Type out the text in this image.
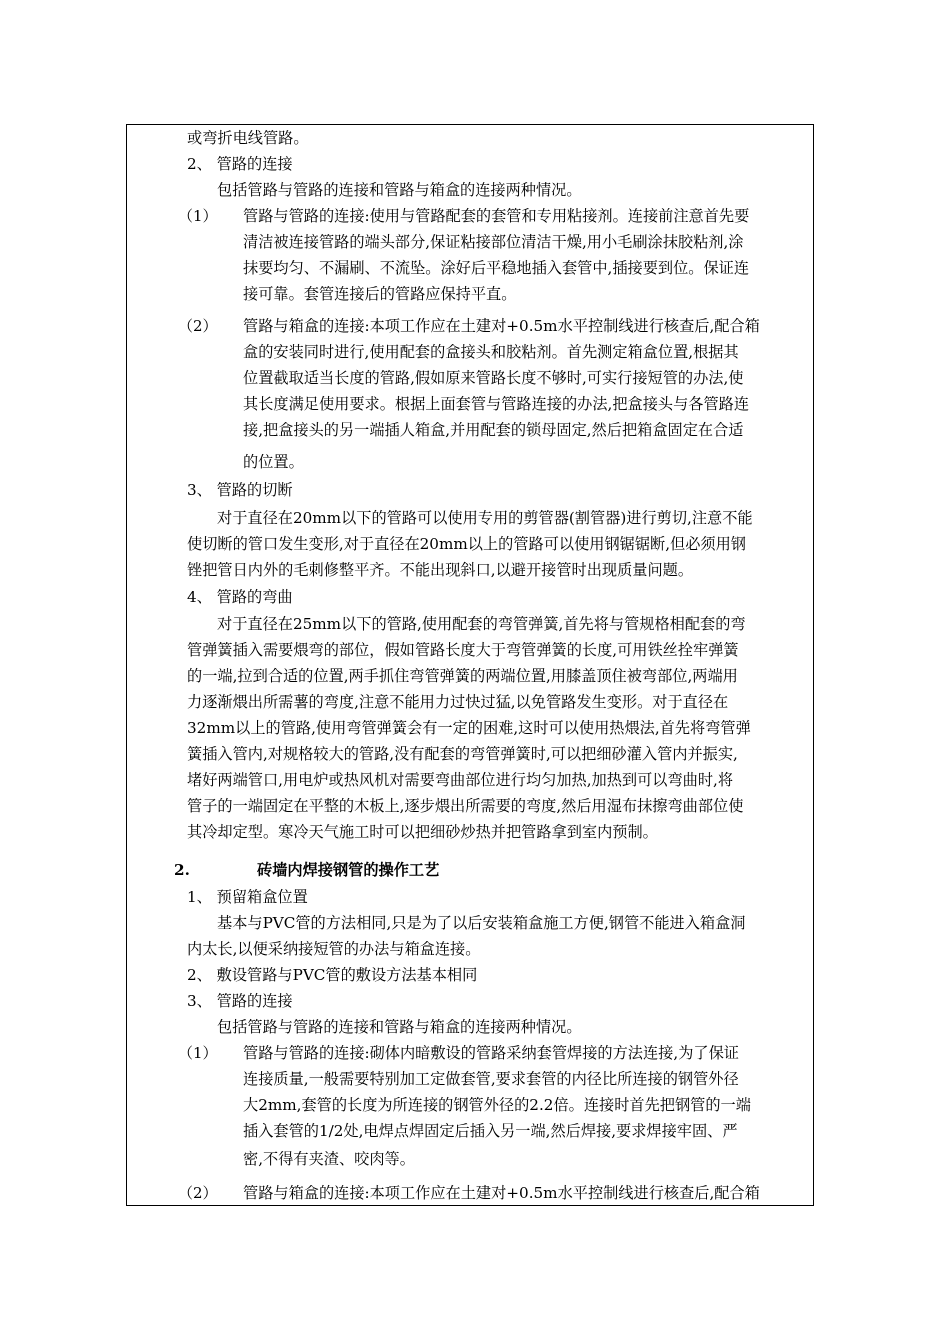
或弯折电线管路。
2、 管路的连接
包括管路与管路的连接和管路与箱盒的连接两种情况。
（1） 管路与管路的连接:使用与管路配套的套管和专用粘接剂。连接前注意首先要
清洁被连接管路的端头部分,保证粘接部位清洁干燥,用小毛刷涂抹胶粘剂,涂
抹要均匀、不漏刷、不流坠。涂好后平稳地插入套管中,插接要到位。保证连
接可靠。套管连接后的管路应保持平直。
（2） 管路与箱盒的连接:本项工作应在土建对+0.5m水平控制线进行核查后,配合箱
盒的安装同时进行,使用配套的盒接头和胶粘剂。首先测定箱盒位置,根据其
位置截取适当长度的管路,假如原来管路长度不够时,可实行接短管的办法,使
其长度满足使用要求。根据上面套管与管路连接的办法,把盒接头与各管路连
接,把盒接头的另一端插人箱盒,并用配套的锁母固定,然后把箱盒固定在合适
的位置。
3、 管路的切断
对于直径在20mm以下的管路可以使用专用的剪管器(割管器)进行剪切,注意不能
使切断的管口发生变形,对于直径在20mm以上的管路可以使用钢锯锯断,但必须用钢
锉把管日内外的毛刺修整平齐。不能出现斜口,以避开接管时出现质量问题。
4、 管路的弯曲
对于直径在25mm以下的管路,使用配套的弯管弹簧,首先将与管规格相配套的弯
管弹簧插入需要煨弯的部位，假如管路长度大于弯管弹簧的长度,可用铁丝拴牢弹簧
的一端,拉到合适的位置,两手抓住弯管弹簧的两端位置,用膝盖顶住被弯部位,两端用
力逐渐煨出所需薯的弯度,注意不能用力过快过猛,以免管路发生变形。对于直径在
32mm以上的管路,使用弯管弹簧会有一定的困难,这时可以使用热煨法,首先将弯管弹
簧插入管内,对规格较大的管路,没有配套的弯管弹簧时,可以把细砂灌入管内并振实,
堵好两端管口,用电炉或热风机对需要弯曲部位进行均匀加热,加热到可以弯曲时,将
管子的一端固定在平整的木板上,逐步煨出所需要的弯度,然后用湿布抹擦弯曲部位使
其冷却定型。寒冷天气施工时可以把细砂炒热并把管路拿到室内预制。
2.	砖墙内焊接钢管的操作工艺
1、 预留箱盒位置
基本与PVC管的方法相同,只是为了以后安装箱盒施工方便,钢管不能进入箱盒洞
内太长,以便采纳接短管的办法与箱盒连接。
2、 敷设管路与PVC管的敷设方法基本相同
3、 管路的连接
包括管路与管路的连接和管路与箱盒的连接两种情况。
（1） 管路与管路的连接:砌体内暗敷设的管路采纳套管焊接的方法连接,为了保证
连接质量,一般需要特别加工定做套管,要求套管的内径比所连接的钢管外径
大2mm,套管的长度为所连接的钢管外径的2.2倍。连接时首先把钢管的一端
插入套管的1/2处,电焊点焊固定后插入另一端,然后焊接,要求焊接牢固、严
密,不得有夹渣、咬肉等。
（2） 管路与箱盒的连接:本项工作应在土建对+0.5m水平控制线进行核查后,配合箱
